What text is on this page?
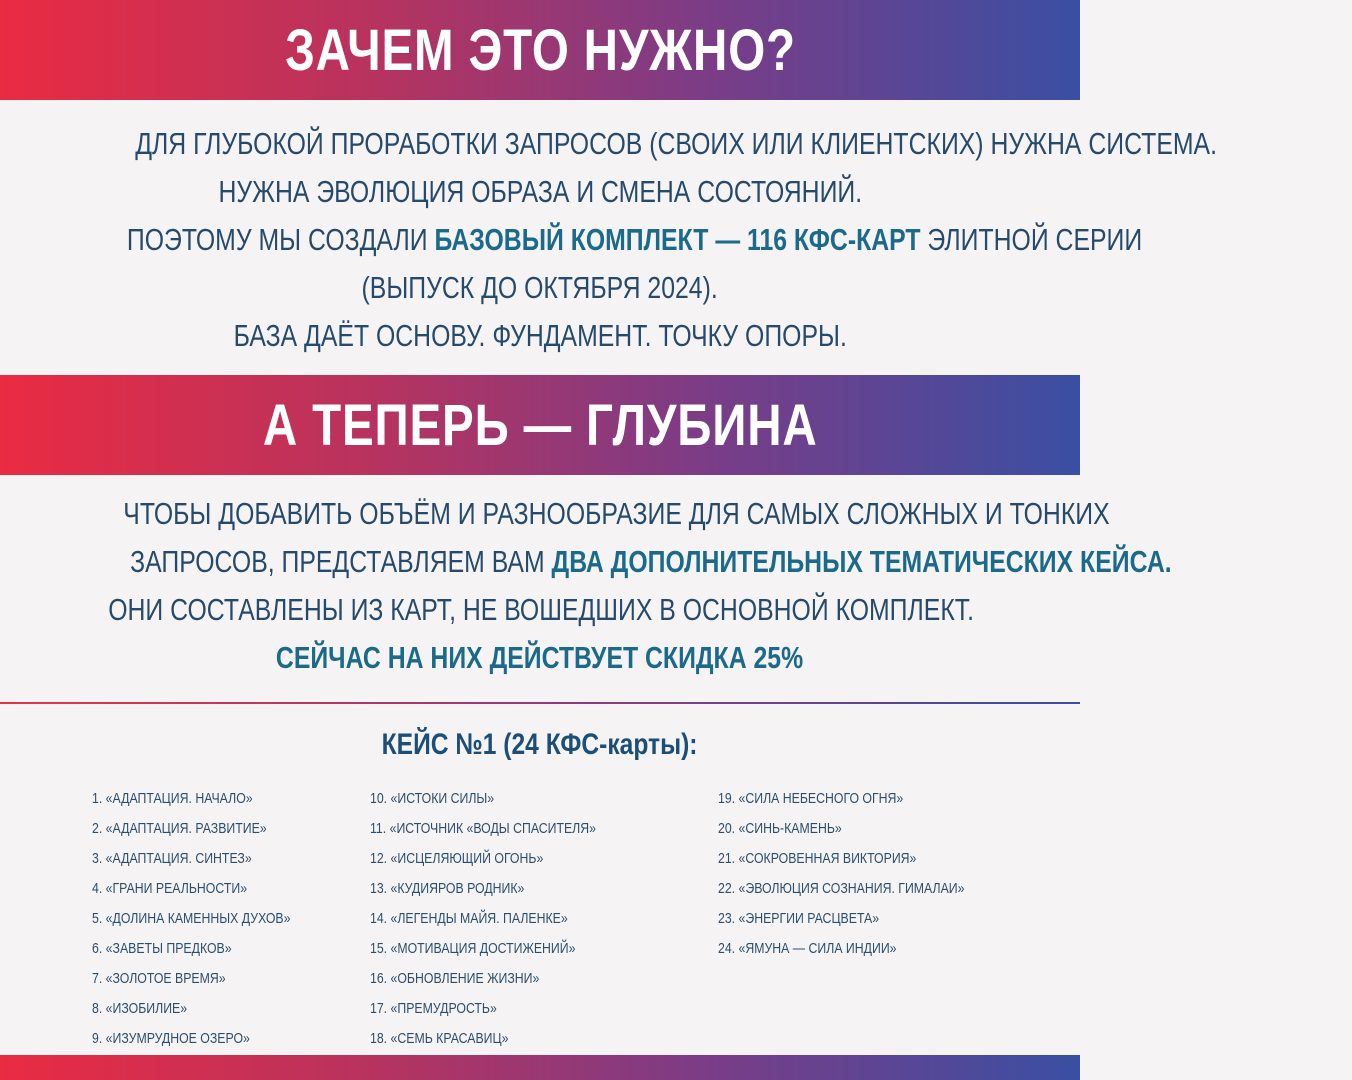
ЗАЧЕМ ЭТО НУЖНО?
ДЛЯ ГЛУБОКОЙ ПРОРАБОТКИ ЗАПРОСОВ (СВОИХ ИЛИ КЛИЕНТСКИХ) НУЖНА СИСТЕМА.
НУЖНА ЭВОЛЮЦИЯ ОБРАЗА И СМЕНА СОСТОЯНИЙ.
ПОЭТОМУ МЫ СОЗДАЛИ БАЗОВЫЙ КОМПЛЕКТ — 116 КФС-КАРТ ЭЛИТНОЙ СЕРИИ
(ВЫПУСК ДО ОКТЯБРЯ 2024).
БАЗА ДАЁТ ОСНОВУ. ФУНДАМЕНТ. ТОЧКУ ОПОРЫ.
А ТЕПЕРЬ — ГЛУБИНА
ЧТОБЫ ДОБАВИТЬ ОБЪЁМ И РАЗНООБРАЗИЕ ДЛЯ САМЫХ СЛОЖНЫХ И ТОНКИХ
ЗАПРОСОВ, ПРЕДСТАВЛЯЕМ ВАМ ДВА ДОПОЛНИТЕЛЬНЫХ ТЕМАТИЧЕСКИХ КЕЙСА.
ОНИ СОСТАВЛЕНЫ ИЗ КАРТ, НЕ ВОШЕДШИХ В ОСНОВНОЙ КОМПЛЕКТ.
СЕЙЧАС НА НИХ ДЕЙСТВУЕТ СКИДКА 25%
КЕЙС №1 (24 КФС-карты):
1. «АДАПТАЦИЯ. НАЧАЛО»
2. «АДАПТАЦИЯ. РАЗВИТИЕ»
3. «АДАПТАЦИЯ. СИНТЕЗ»
4. «ГРАНИ РЕАЛЬНОСТИ»
5. «ДОЛИНА КАМЕННЫХ ДУХОВ»
6. «ЗАВЕТЫ ПРЕДКОВ»
7. «ЗОЛОТОЕ ВРЕМЯ»
8. «ИЗОБИЛИЕ»
9. «ИЗУМРУДНОЕ ОЗЕРО»
10. «ИСТОКИ СИЛЫ»
11. «ИСТОЧНИК «ВОДЫ СПАСИТЕЛЯ»
12. «ИСЦЕЛЯЮЩИЙ ОГОНЬ»
13. «КУДИЯРОВ РОДНИК»
14. «ЛЕГЕНДЫ МАЙЯ. ПАЛЕНКЕ»
15. «МОТИВАЦИЯ ДОСТИЖЕНИЙ»
16. «ОБНОВЛЕНИЕ ЖИЗНИ»
17. «ПРЕМУДРОСТЬ»
18. «СЕМЬ КРАСАВИЦ»
19. «СИЛА НЕБЕСНОГО ОГНЯ»
20. «СИНЬ-КАМЕНЬ»
21. «СОКРОВЕННАЯ ВИКТОРИЯ»
22. «ЭВОЛЮЦИЯ СОЗНАНИЯ. ГИМАЛАИ»
23. «ЭНЕРГИИ РАСЦВЕТА»
24. «ЯМУНА — СИЛА ИНДИИ»
